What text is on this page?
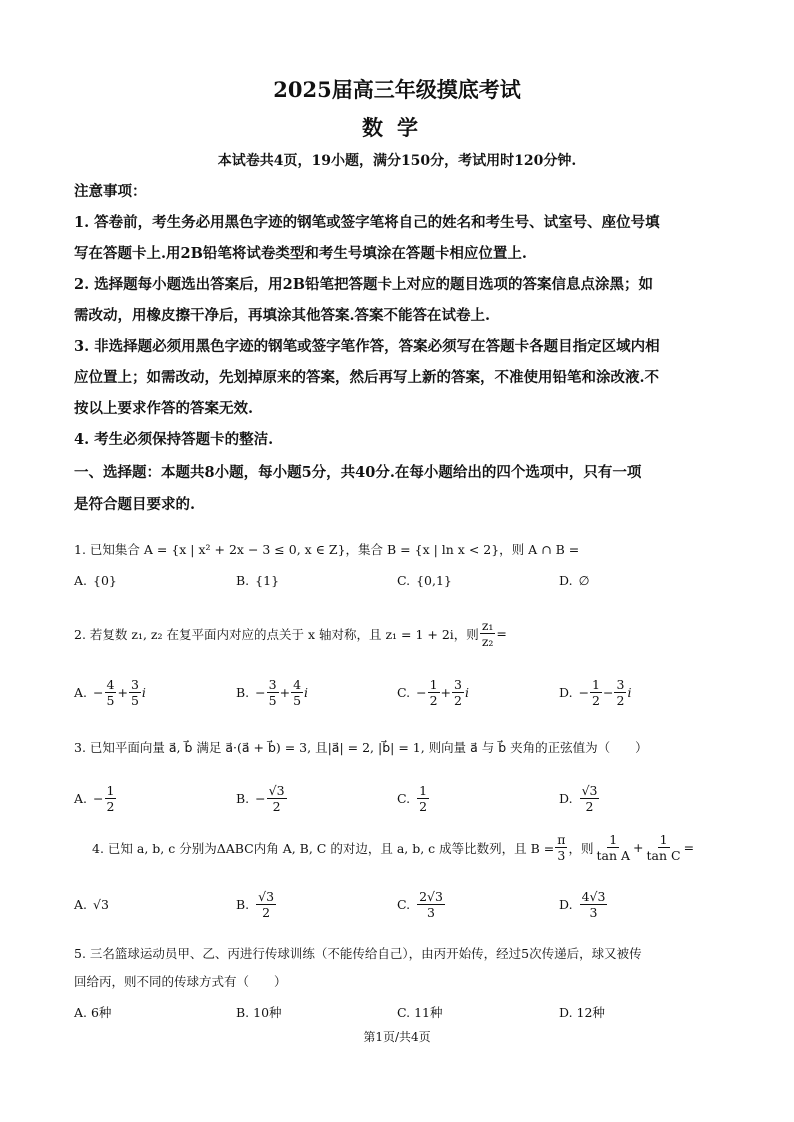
2025届高三年级摸底考试
数学
本试卷共4页，19小题，满分150分，考试用时120分钟.
注意事项：
1. 答卷前，考生务必用黑色字迹的钢笔或签字笔将自己的姓名和考生号、试室号、座位号填
写在答题卡上.用2B铅笔将试卷类型和考生号填涂在答题卡相应位置上.
2. 选择题每小题选出答案后，用2B铅笔把答题卡上对应的题目选项的答案信息点涂黑；如
需改动，用橡皮擦干净后，再填涂其他答案.答案不能答在试卷上.
3. 非选择题必须用黑色字迹的钢笔或签字笔作答，答案必须写在答题卡各题目指定区域内相
应位置上；如需改动，先划掉原来的答案，然后再写上新的答案，不准使用铅笔和涂改液.不
按以上要求作答的答案无效.
4. 考生必须保持答题卡的整洁.
一、选择题：本题共8小题，每小题5分，共40分.在每小题给出的四个选项中，只有一项
是符合题目要求的.
1. 已知集合 A = {x | x² + 2x − 3 ≤ 0, x ∈ Z}，集合 B = {x | ln x < 2}，则 A ∩ B =
A. {0}	B. {1}	C. {0,1}	D. ∅
2. 若复数 z₁, z₂ 在复平面内对应的点关于 x 轴对称，且 z₁ = 1 + 2i，则 $\frac{\text{z₁}}{\text{z₂}}$ =
A. − $\frac{4}{5} + \frac{3}{5}$ i	B. − $\frac{3}{5} + \frac{4}{5}$ i	C. − $\frac{1}{2} + \frac{3}{2}$ i	D. − $\frac{1}{2} - \frac{3}{2}$ i
3. 已知平面向量 a⃗, b⃗ 满足 a⃗·(a⃗ + b⃗) = 3, 且|a⃗| = 2, |b⃗| = 1, 则向量 a⃗ 与 b⃗ 夹角的正弦值为（　　）
A. − $\frac{1}{2}$	B. − $\frac{√3}{2}$	C. $\frac{1}{2}$	D. $\frac{√3}{2}$
4. 已知 a, b, c 分别为ΔABC内角 A, B, C 的对边，且 a, b, c 成等比数列，且 $B = \frac{\pi}{3}$ ，则 $\frac{1}{\text{tan A}} + \frac{1}{\text{tan C}}$ =
A. √3	B. $\frac{√3}{2}$	C. $\frac{2√3}{3}$	D. $\frac{4√3}{3}$
5. 三名篮球运动员甲、乙、丙进行传球训练（不能传给自己），由丙开始传，经过5次传递后，球又被传
回给丙，则不同的传球方式有（　　）
A. 6种	B. 10种	C. 11种	D. 12种
第1页/共4页
